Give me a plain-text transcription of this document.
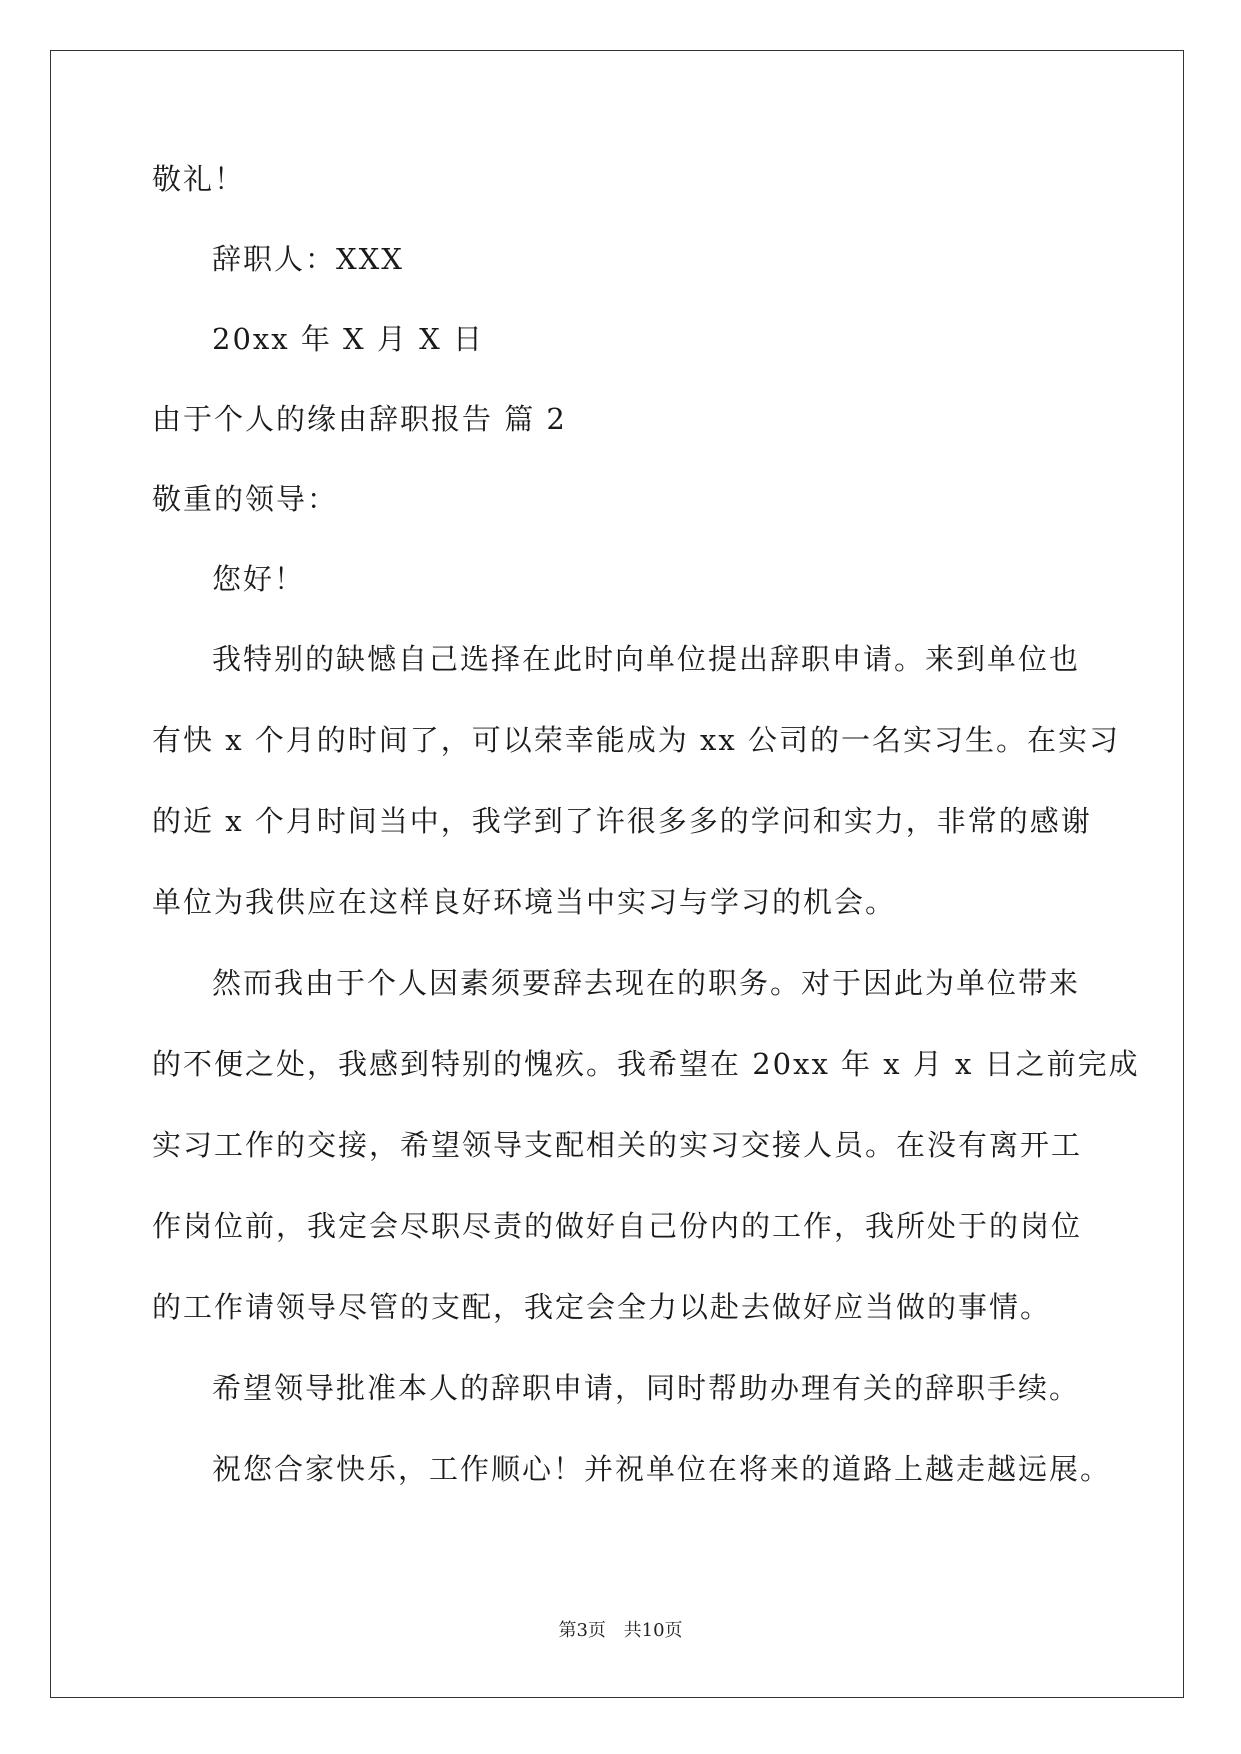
敬礼！
辞职人：XXX
20xx 年 X 月 X 日
由于个人的缘由辞职报告 篇 2
敬重的领导：
您好！
我特别的缺憾自己选择在此时向单位提出辞职申请。来到单位也
有快 x 个月的时间了，可以荣幸能成为 xx 公司的一名实习生。在实习
的近 x 个月时间当中，我学到了许很多多的学问和实力，非常的感谢
单位为我供应在这样良好环境当中实习与学习的机会。
然而我由于个人因素须要辞去现在的职务。对于因此为单位带来
的不便之处，我感到特别的愧疚。我希望在 20xx 年 x 月 x 日之前完成
实习工作的交接，希望领导支配相关的实习交接人员。在没有离开工
作岗位前，我定会尽职尽责的做好自己份内的工作，我所处于的岗位
的工作请领导尽管的支配，我定会全力以赴去做好应当做的事情。
希望领导批准本人的辞职申请，同时帮助办理有关的辞职手续。
祝您合家快乐，工作顺心！并祝单位在将来的道路上越走越远展。
第3页 共10页
